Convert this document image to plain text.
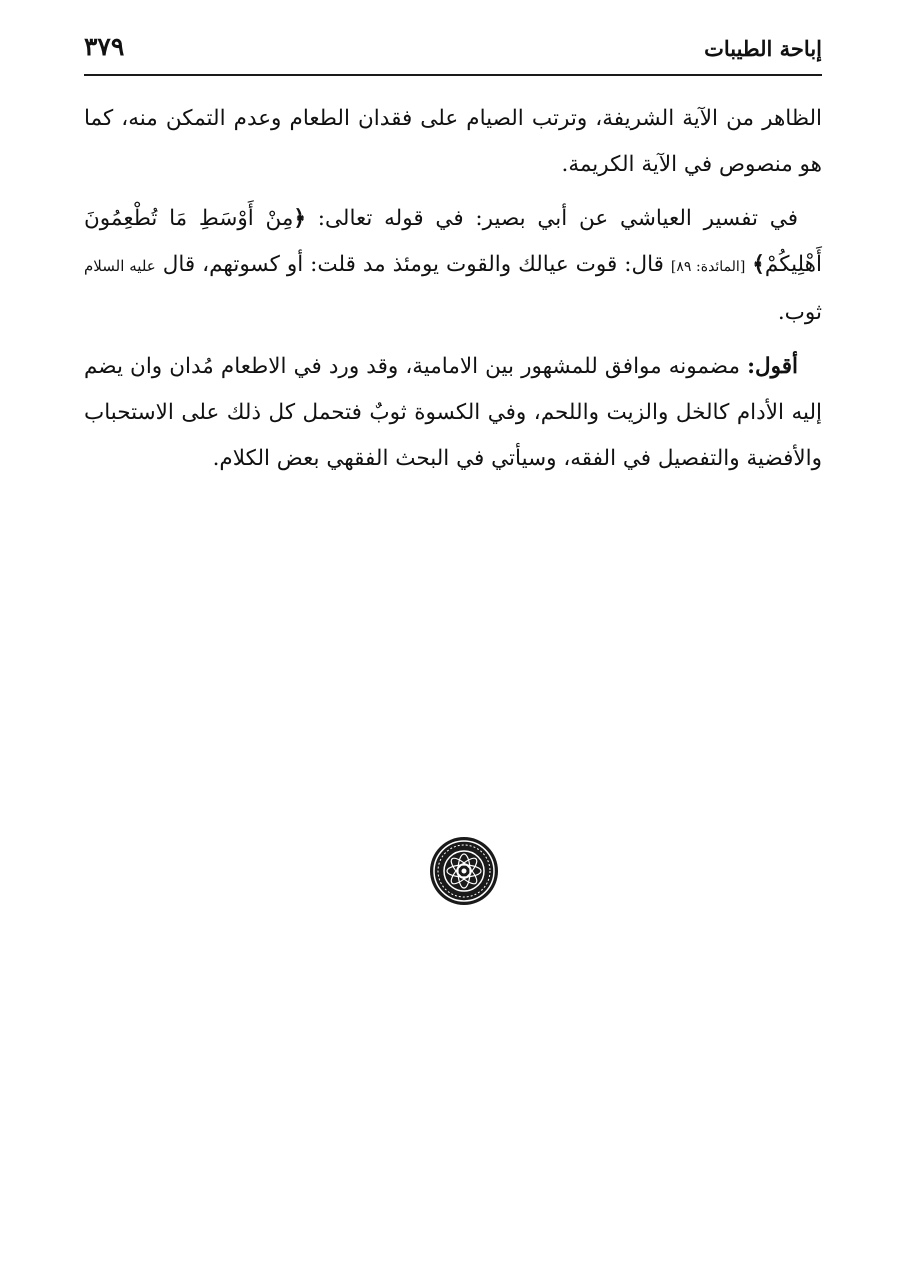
إباحة الطيبات
٣٧٩

الظاهر من الآية الشريفة، وترتب الصيام على فقدان الطعام وعدم التمكن منه، كما هو منصوص في الآية الكريمة.

في تفسير العياشي عن أبي بصير: في قوله تعالى: ﴿مِنْ أَوْسَطِ مَا تُطْعِمُونَ أَهْلِيكُمْ﴾ [المائدة: ٨٩] قال: قوت عيالك والقوت يومئذ مد قلت: أو كسوتهم، قال عليه السلام ثوب.

أقول: مضمونه موافق للمشهور بين الامامية، وقد ورد في الاطعام مُدان وان يضم إليه الأدام كالخل والزيت واللحم، وفي الكسوة ثوبٌ فتحمل كل ذلك على الاستحباب والأفضية والتفصيل في الفقه، وسيأتي في البحث الفقهي بعض الكلام.
